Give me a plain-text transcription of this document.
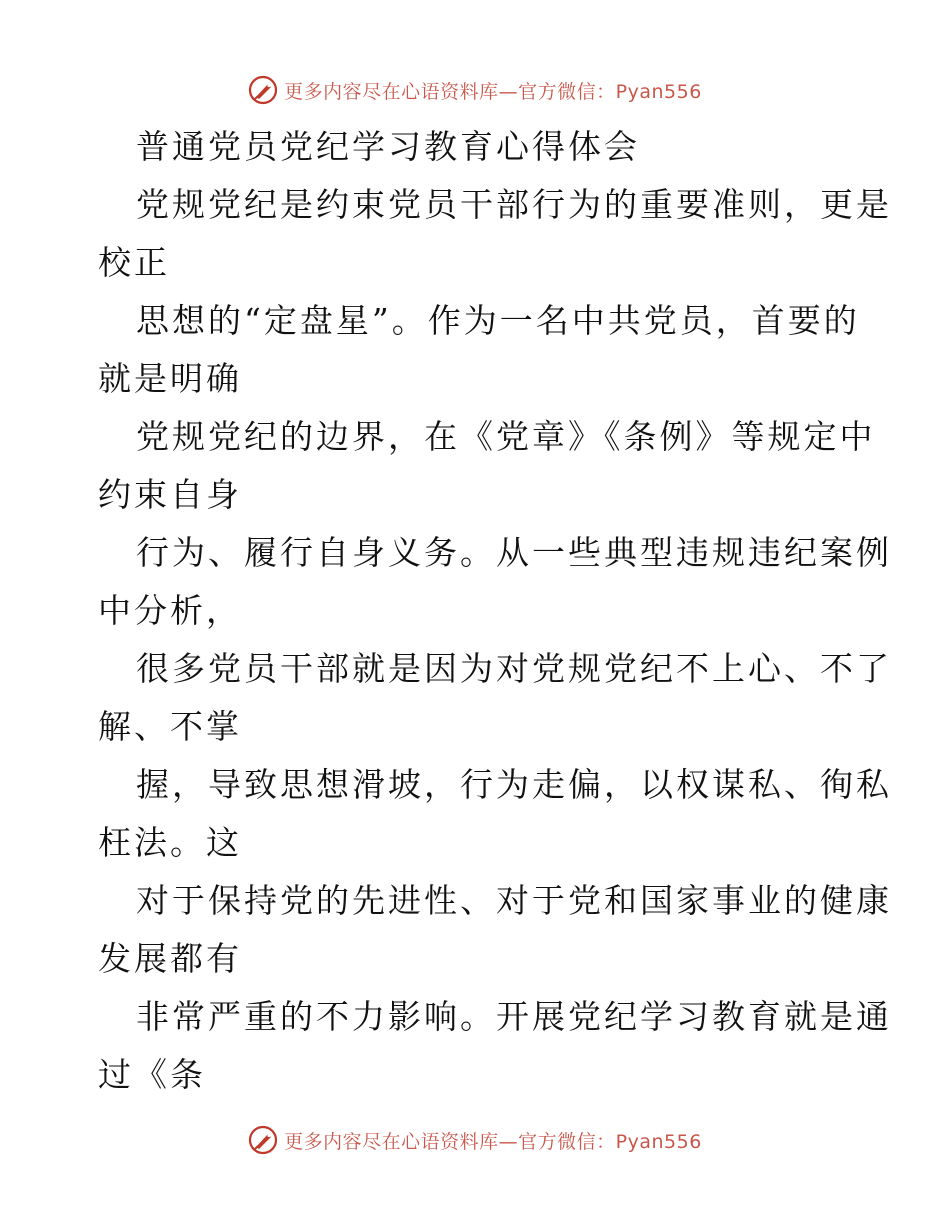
更多内容尽在心语资料库—官方微信：Pyan556
普通党员党纪学习教育心得体会
党规党纪是约束党员干部行为的重要准则，更是
校正
思想的“定盘星”。作为一名中共党员，首要的
就是明确
党规党纪的边界，在《党章》《条例》等规定中
约束自身
行为、履行自身义务。从一些典型违规违纪案例
中分析，
很多党员干部就是因为对党规党纪不上心、不了
解、不掌
握，导致思想滑坡，行为走偏，以权谋私、徇私
枉法。这
对于保持党的先进性、对于党和国家事业的健康
发展都有
非常严重的不力影响。开展党纪学习教育就是通
过《条
更多内容尽在心语资料库—官方微信：Pyan556
